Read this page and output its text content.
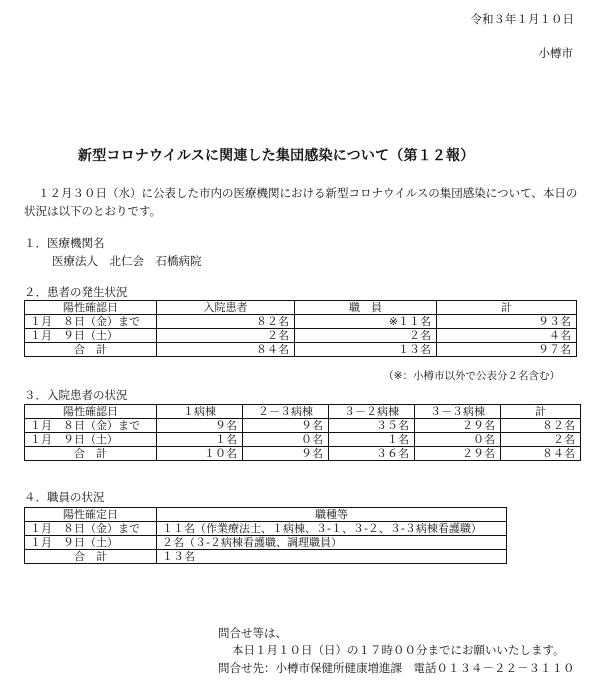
令和３年１月１０日
小樽市
新型コロナウイルスに関連した集団感染について（第１２報）
１２月３０日（水）に公表した市内の医療機関における新型コロナウイルスの集団感染について、本日の状況は以下のとおりです。
１．医療機関名
医療法人　北仁会　石橋病院
２．患者の発生状況
陽性確認日	入院患者	職　員	計
１月　８日（金）まで	８２名	※１１名	９３名
１月　９日（土）	２名	２名	４名
合　計	８４名	１３名	９７名
（※：小樽市以外で公表分２名含む）
３．入院患者の状況
陽性確認日	１病棟	２－３病棟	３－２病棟	３－３病棟	計
１月　８日（金）まで	９名	９名	３５名	２９名	８２名
１月　９日（土）	１名	０名	１名	０名	２名
合　計	１０名	９名	３６名	２９名	８４名
４．職員の状況
陽性確定日	職種等
１月　８日（金）まで	１１名（作業療法士、１病棟、３-１、３-２、３-３病棟看護職）
１月　９日（土）	２名（３-２病棟看護職、調理職員）
合　計	１３名
問合せ等は、
本日１月１０日（日）の１７時００分までにお願いいたします。
問合せ先：小樽市保健所健康増進課　電話０１３４－２２－３１１０
